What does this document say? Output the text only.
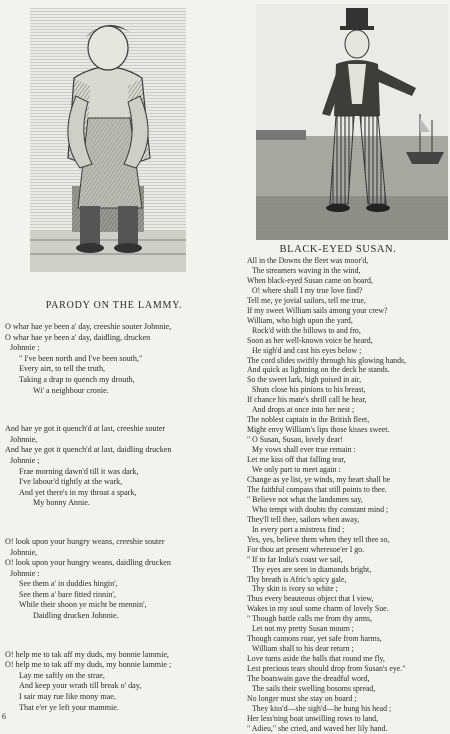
PARODY ON THE LAMMY.
O whar hae ye been a' day, creeshie souter Johnnie,
O whar hae ye been a' day, daidling, drucken
Johnnie ;
" I've been north and I've been south,"
Every airt, to tell the truth,
Taking a drap to quench my drouth,
Wi' a neighbour cronie.
And hae ye got it quench'd at last, creeshie souter
Johnnie,
And hae ye got it quench'd at last, daidling drucken
Johnnie ;
Frae morning dawn'd till it was dark,
I've labour'd tightly at the wark,
And yet there's in my throat a spark,
My bonny Annie.
O! look upon your hungry weans, creeshie souter
Johnnie,
O! look upon your hungry weans, daidling drucken
Johnnie :
See them a' in duddies hingin',
See them a' bare fitted rinnin',
While their shoon ye micht be mennin',
Daidling drucken Johnnie.
O! help me to tak aff my duds, my bonnie lammie,
O! help me to tak aff my duds, my bonnie lammie ;
Lay me saftly on the strae,
And keep your wrath till break o' day,
I sair may rue like mony mae,
That e'er ye left your mammie.
6
BLACK-EYED SUSAN.
All in the Downs the fleet was moor'd,
The streamers waving in the wind,
When black-eyed Susan came on board,
O! where shall I my true love find?
Tell me, ye jovial sailors, tell me true,
If my sweet William sails among your crew?
William, who high upon the yard,
Rock'd with the billows to and fro,
Soon as her well-known voice he heard,
He sigh'd and cast his eyes below ;
The cord slides swiftly through his glowing hands,
And quick as lightning on the deck he stands.
So the sweet lark, high poised in air,
Shuts close his pinions to his breast,
If chance his mate's shrill call he hear,
And drops at once into her nest ;
The noblest captain in the British fleet,
Might envy William's lips those kisses sweet.
" O Susan, Susan, lovely dear!
My vows shall ever true remain :
Let me kiss off that falling tear,
We only part to meet again :
Change as ye list, ye winds, my heart shall be
The faithful compass that still points to thee.
" Believe not what the landsmen say,
Who tempt with doubts thy constant mind ;
They'll tell thee, sailors when away,
In every port a mistress find ;
Yes, yes, believe them when they tell thee so,
For thou art present wheresoe'er I go.
" If to far India's coast we sail,
Thy eyes are seen in diamonds bright,
Thy breath is Afric's spicy gale,
Thy skin is ivory so white ;
Thus every beauteous object that I view,
Wakes in my soul some charm of lovely Sue.
" Though battle calls me from thy arms,
Let not my pretty Susan mourn ;
Though cannons roar, yet safe from harms,
William shall to his dear return ;
Love turns aside the balls that round me fly,
Lest precious tears should drop from Susan's eye."
The boatswain gave the dreadful word,
The sails their swelling bosoms spread,
No longer must she stay on board ;
They kiss'd—she sigh'd—he hung his head ;
Her less'ning boat unwilling rows to land,
" Adieu," she cried, and waved her lily hand.
